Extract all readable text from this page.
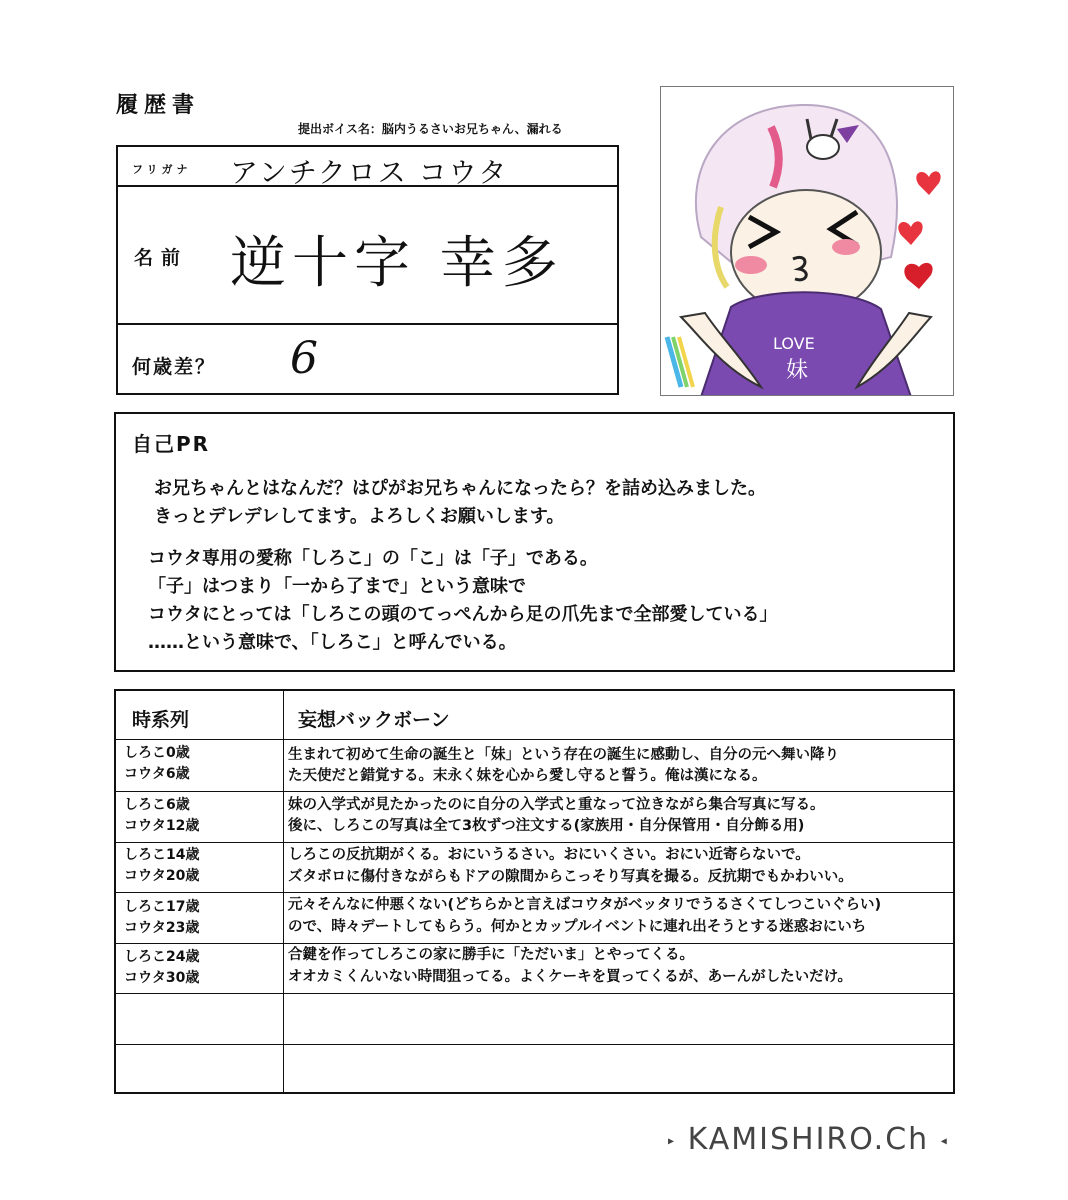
履歴書
提出ボイス名：脳内うるさいお兄ちゃん、漏れる
フリガナ アンチクロス コウタ
名前 逆十字 幸多
何歳差？ 6	LOVE
妹
自己PR
お兄ちゃんとはなんだ？はぴがお兄ちゃんになったら？を詰め込みました。
きっとデレデレしてます。よろしくお願いします。
コウタ専用の愛称「しろこ」の「こ」は「子」である。
「子」はつまり「一から了まで」という意味で
コウタにとっては「しろこの頭のてっぺんから足の爪先まで全部愛している」
……という意味で、「しろこ」と呼んでいる。
時系列	妄想バックボーン
しろこ0歳
コウタ6歳
生まれて初めて生命の誕生と「妹」という存在の誕生に感動し、自分の元へ舞い降り
た天使だと錯覚する。末永く妹を心から愛し守ると誓う。俺は漢になる。
しろこ6歳
コウタ12歳
妹の入学式が見たかったのに自分の入学式と重なって泣きながら集合写真に写る。
後に、しろこの写真は全て3枚ずつ注文する(家族用・自分保管用・自分飾る用)
しろこ14歳
コウタ20歳
しろこの反抗期がくる。おにいうるさい。おにいくさい。おにい近寄らないで。
ズタボロに傷付きながらもドアの隙間からこっそり写真を撮る。反抗期でもかわいい。
しろこ17歳
コウタ23歳
元々そんなに仲悪くない(どちらかと言えばコウタがベッタリでうるさくてしつこいぐらい)
ので、時々デートしてもらう。何かとカップルイベントに連れ出そうとする迷惑おにいち
しろこ24歳
コウタ30歳
合鍵を作ってしろこの家に勝手に「ただいま」とやってくる。
オオカミくんいない時間狙ってる。よくケーキを買ってくるが、あーんがしたいだけ。
▸ KAMISHIRO.Ch ◂
